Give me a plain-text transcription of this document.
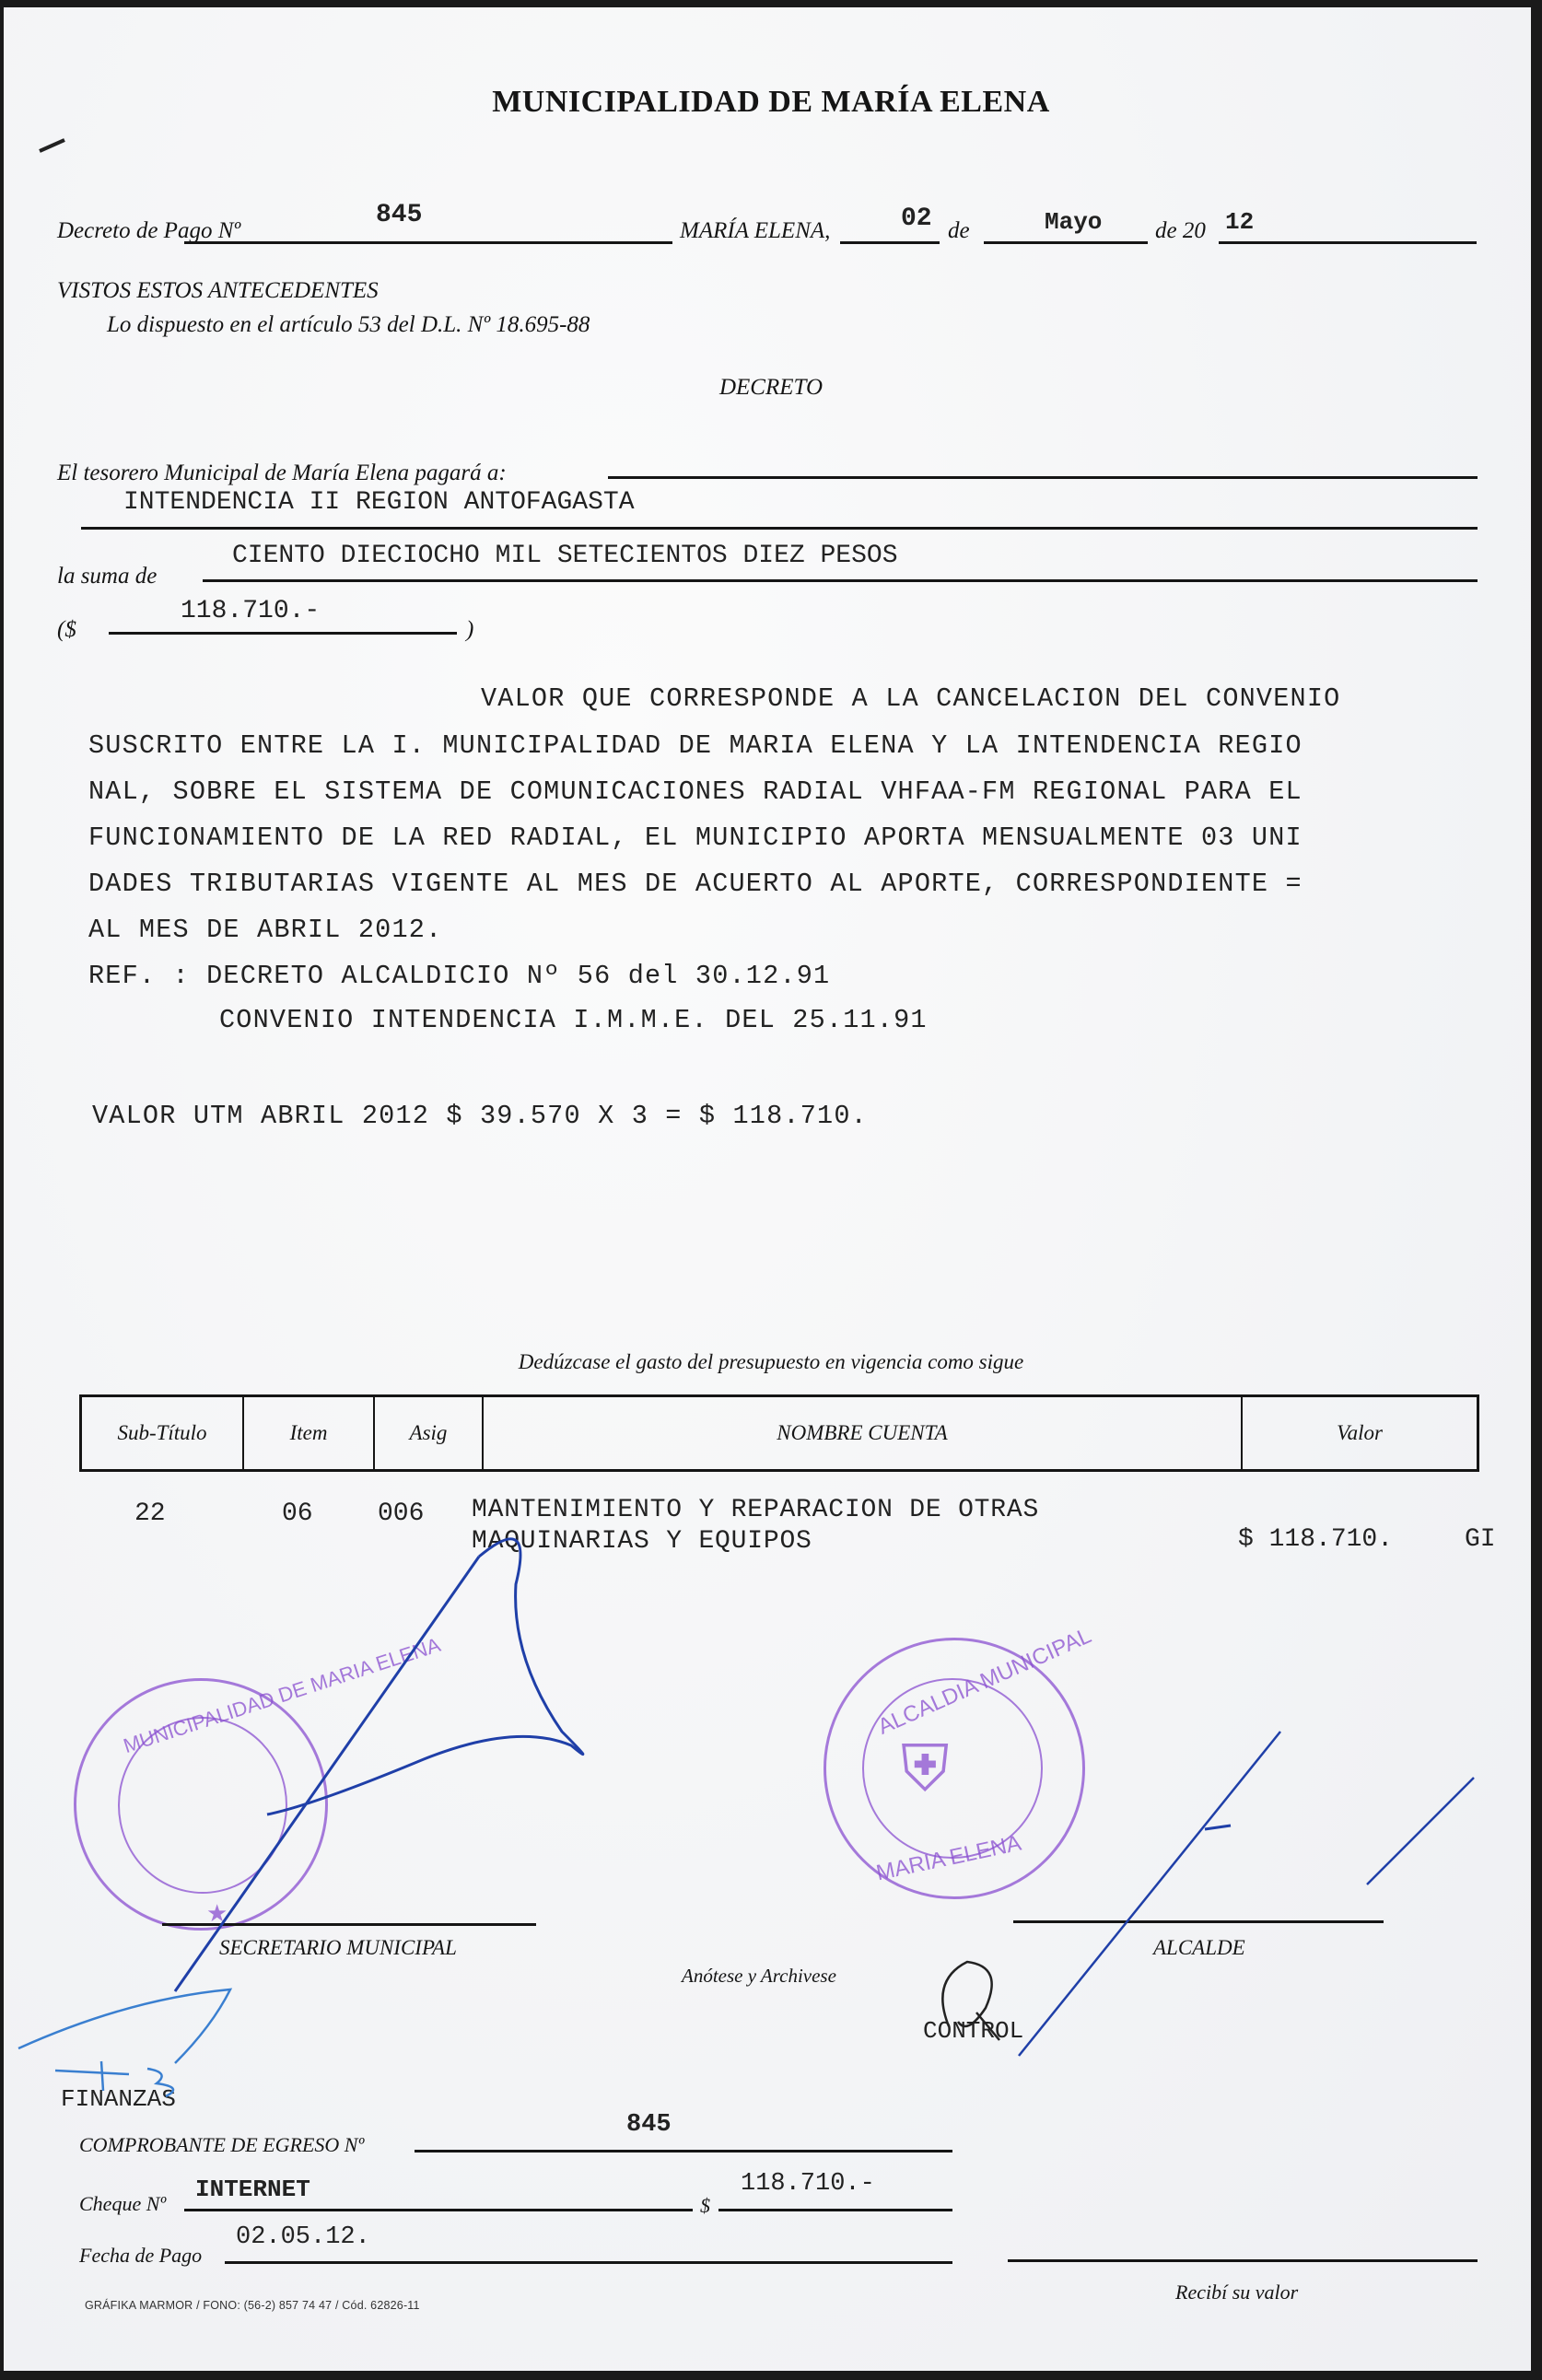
MUNICIPALIDAD DE MARÍA ELENA
Decreto de Pago Nº
845
MARÍA ELENA,	02 de	Mayo de 20 12
VISTOS ESTOS ANTECEDENTES
Lo dispuesto en el artículo 53 del D.L. Nº 18.695-88
DECRETO
El tesorero Municipal de María Elena pagará a:
INTENDENCIA II REGION ANTOFAGASTA
la suma de
CIENTO DIECIOCHO MIL SETECIENTOS DIEZ PESOS
($
118.710.-
)
VALOR QUE CORRESPONDE A LA CANCELACION DEL CONVENIO
SUSCRITO ENTRE LA I. MUNICIPALIDAD DE MARIA ELENA Y LA INTENDENCIA REGIO
NAL, SOBRE EL SISTEMA DE COMUNICACIONES RADIAL VHFAA-FM REGIONAL PARA EL
FUNCIONAMIENTO DE LA RED RADIAL, EL MUNICIPIO APORTA MENSUALMENTE 03 UNI
DADES TRIBUTARIAS VIGENTE AL MES DE ACUERTO AL APORTE, CORRESPONDIENTE =
AL MES DE ABRIL 2012.
REF. : DECRETO ALCALDICIO Nº 56 del 30.12.91
CONVENIO INTENDENCIA I.M.M.E. DEL 25.11.91
VALOR UTM ABRIL 2012 $ 39.570 X 3 = $ 118.710.
Dedúzcase el gasto del presupuesto en vigencia como sigue
Sub-Título	Item	Asig	NOMBRE CUENTA	Valor
22	06	006 MANTENIMIENTO Y REPARACION DE OTRAS
MAQUINARIAS Y EQUIPOS	$ 118.710.	GI
MUNICIPALIDAD DE MARIA ELENA
★
ALCALDIA MUNICIPAL
MARIA ELENA
⛨
SECRETARIO MUNICIPAL	ALCALDE
Anótese y Archivese
CONTROL
FINANZAS
COMPROBANTE DE EGRESO Nº
845
Cheque Nº
INTERNET
$
118.710.-
Fecha de Pago
02.05.12.
Recibí su valor
GRÁFIKA MARMOR / FONO: (56-2) 857 74 47 / Cód. 62826-11
